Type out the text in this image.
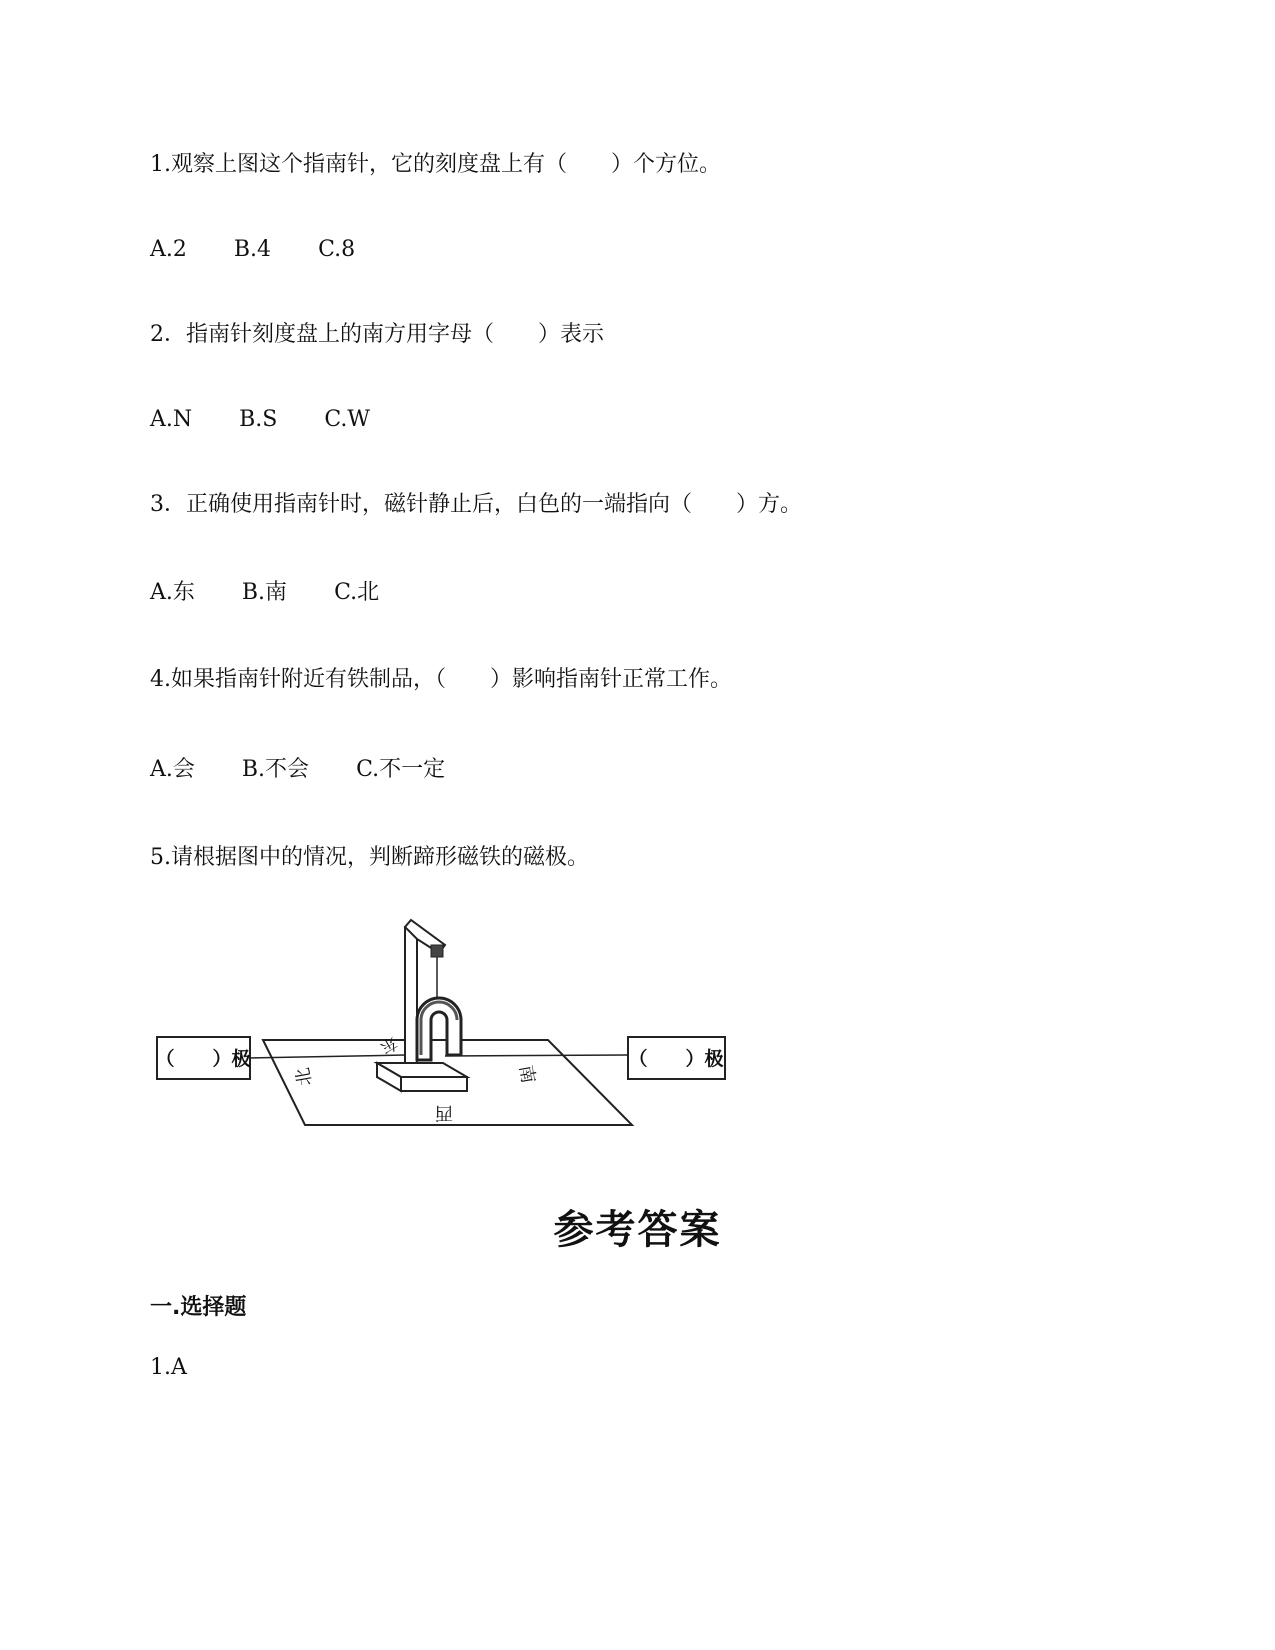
1.观察上图这个指南针，它的刻度盘上有（　　）个方位。
A.2 B.4 C.8
2．指南针刻度盘上的南方用字母（　　）表示
A.N B.S C.W
3．正确使用指南针时，磁针静止后，白色的一端指向（　　）方。
A.东 B.南 C.北
4.如果指南针附近有铁制品，（　　）影响指南针正常工作。
A.会 B.不会 C.不一定
5.请根据图中的情况，判断蹄形磁铁的磁极。
（　　）极	（　　）极
东
北	南
西
参考答案
一.选择题
1.A
